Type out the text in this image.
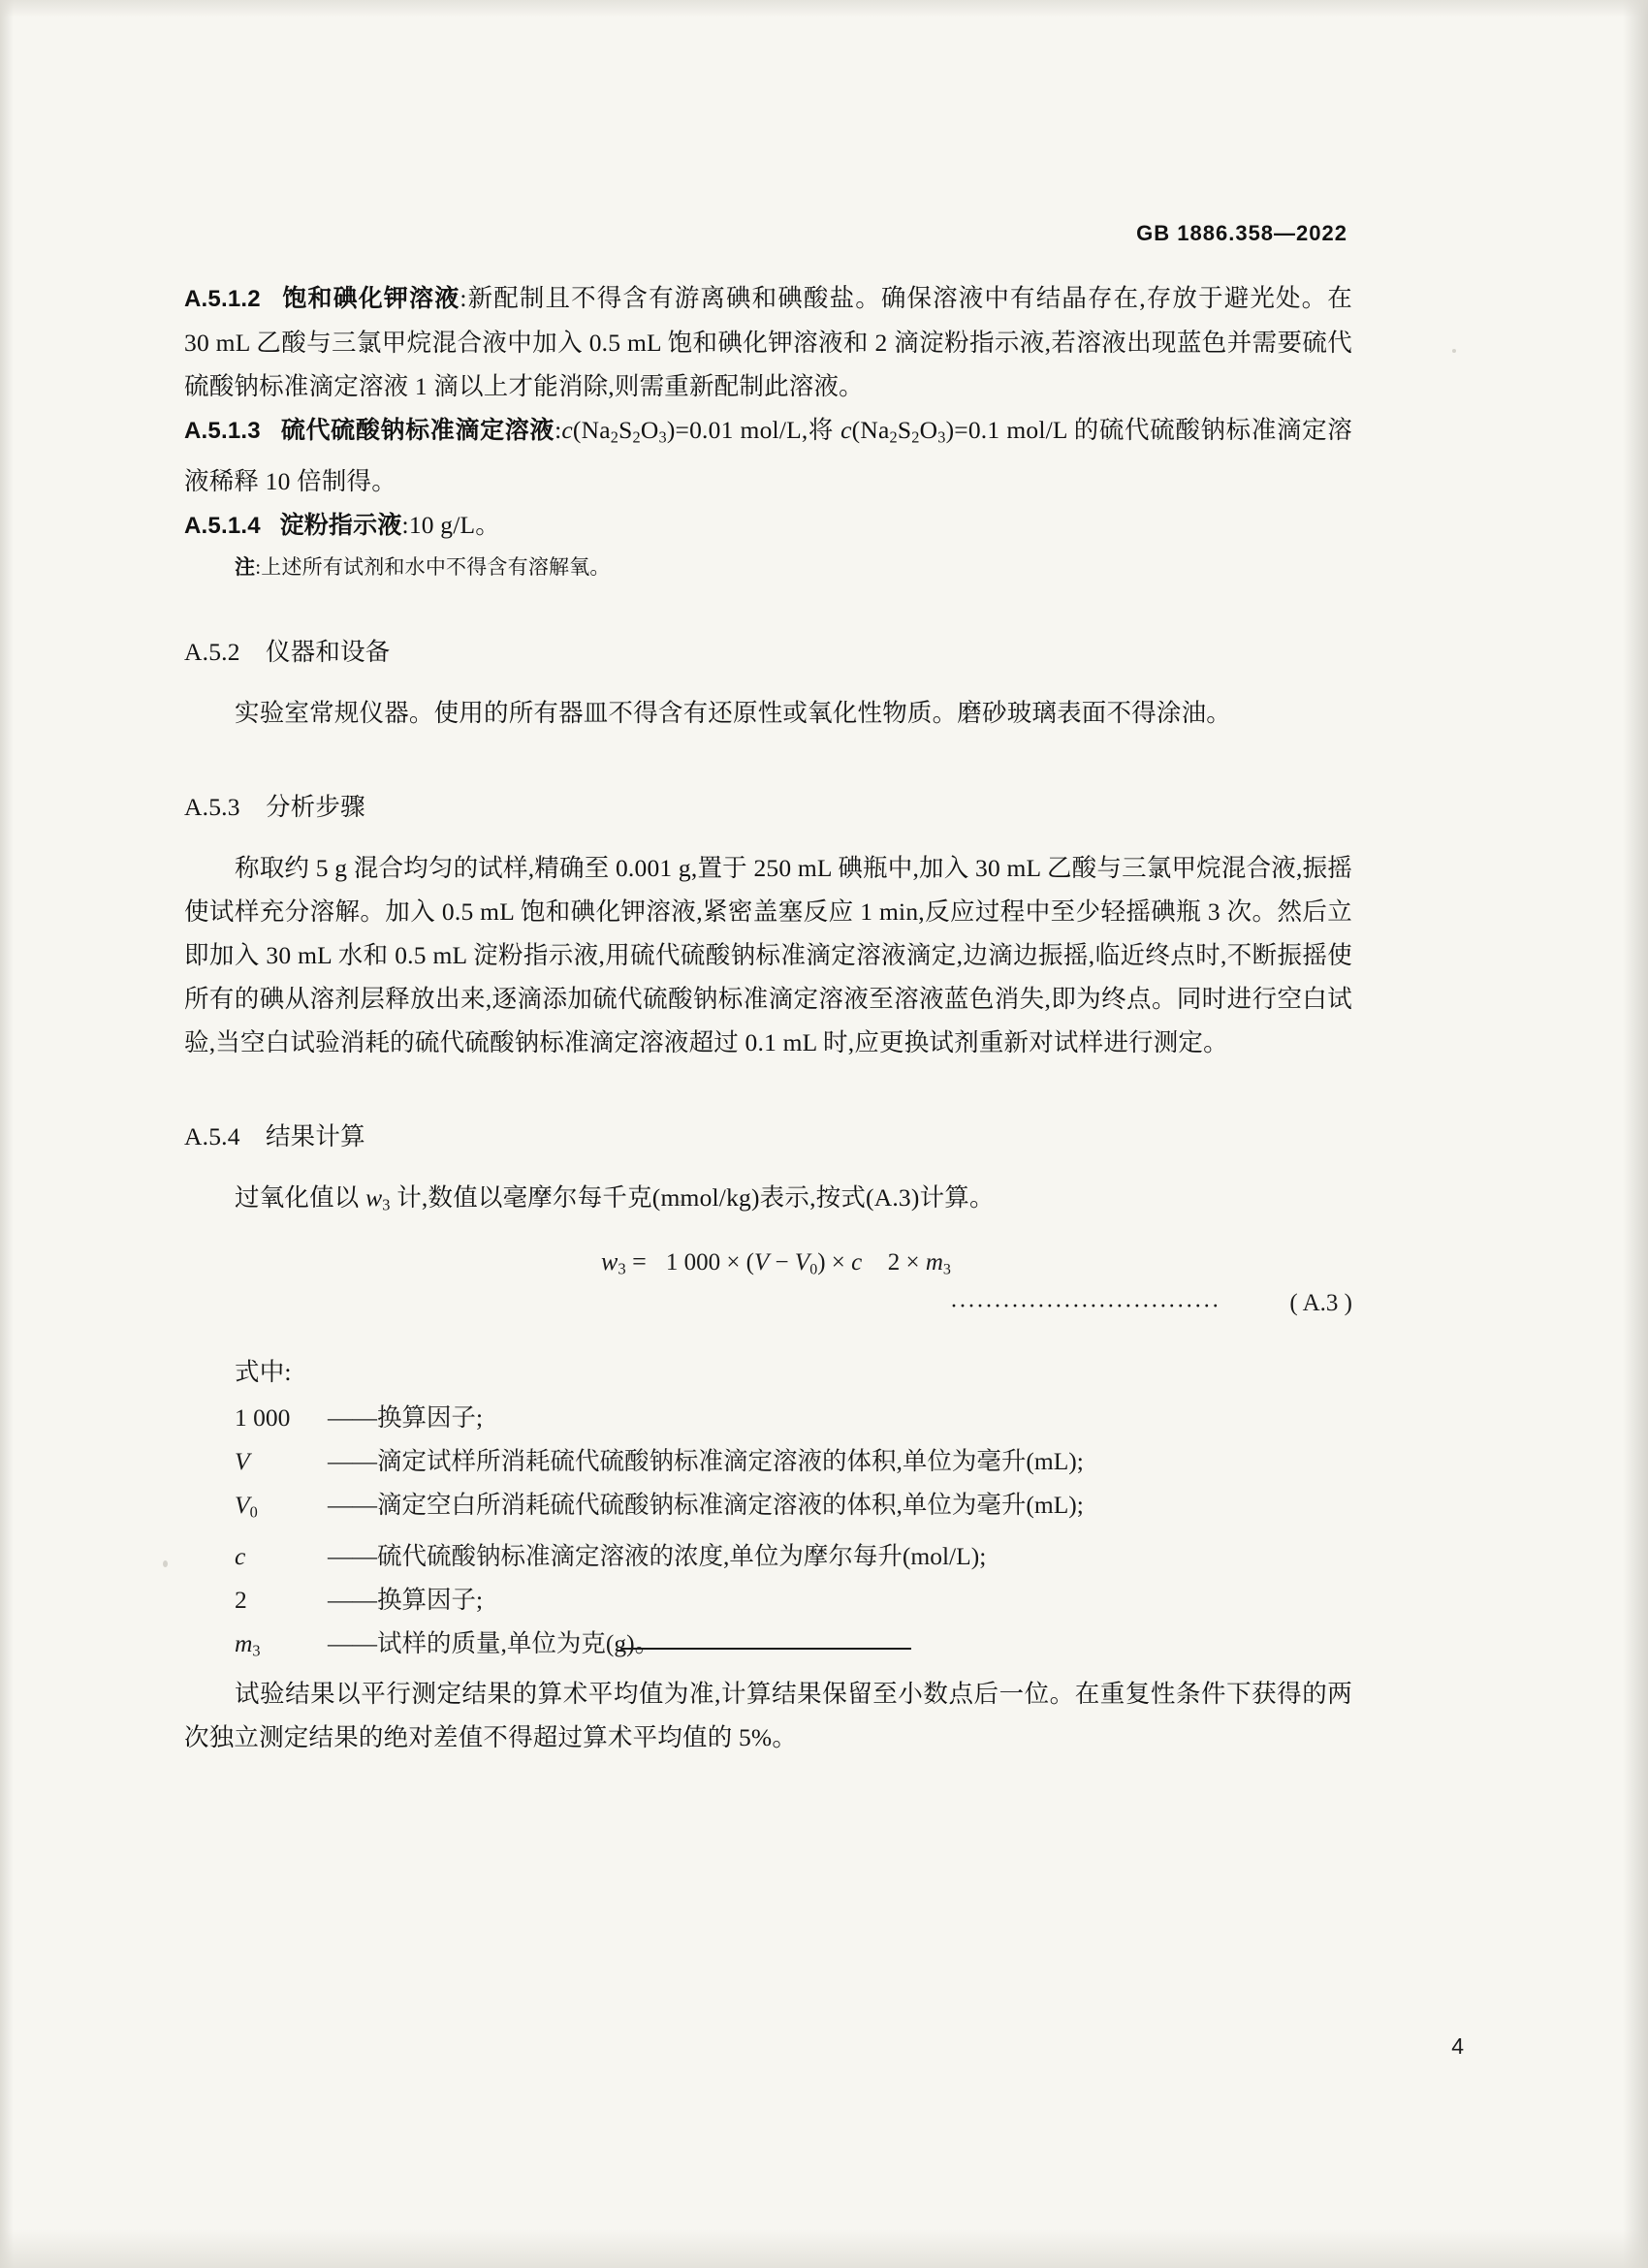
GB 1886.358—2022

A.5.1.2 饱和碘化钾溶液:新配制且不得含有游离碘和碘酸盐。确保溶液中有结晶存在,存放于避光处。在 30 mL 乙酸与三氯甲烷混合液中加入 0.5 mL 饱和碘化钾溶液和 2 滴淀粉指示液,若溶液出现蓝色并需要硫代硫酸钠标准滴定溶液 1 滴以上才能消除,则需重新配制此溶液。

A.5.1.3 硫代硫酸钠标准滴定溶液$:c(Na_2S_2O_3)=0.01$ mol/L,将 $c(Na_2S_2O_3)=0.1$ mol/L 的硫代硫酸钠标准滴定溶液稀释 10 倍制得。

A.5.1.4 淀粉指示液:10 g/L。

注:上述所有试剂和水中不得含有溶解氧。

A.5.2 仪器和设备

实验室常规仪器。使用的所有器皿不得含有还原性或氧化性物质。磨砂玻璃表面不得涂油。

A.5.3 分析步骤

称取约 5 g 混合均匀的试样,精确至 0.001 g,置于 250 mL 碘瓶中,加入 30 mL 乙酸与三氯甲烷混合液,振摇使试样充分溶解。加入 0.5 mL 饱和碘化钾溶液,紧密盖塞反应 1 min,反应过程中至少轻摇碘瓶 3 次。然后立即加入 30 mL 水和 0.5 mL 淀粉指示液,用硫代硫酸钠标准滴定溶液滴定,边滴边振摇,临近终点时,不断振摇使所有的碘从溶剂层释放出来,逐滴添加硫代硫酸钠标准滴定溶液至溶液蓝色消失,即为终点。同时进行空白试验,当空白试验消耗的硫代硫酸钠标准滴定溶液超过 0.1 mL 时,应更换试剂重新对试样进行测定。

A.5.4 结果计算

过氧化值以 $w_3$ 计,数值以毫摩尔每千克(mmol/kg)表示,按式(A.3)计算。

$w_3 = 1$ $000 \times (V - V_0) \times c$ $2 \times m_3$
·······························	( A.3 )

式中:

1 000	—— 换算因子;
V	—— 滴定试样所消耗硫代硫酸钠标准滴定溶液的体积,单位为毫升(mL);
$V_0$	—— 滴定空白所消耗硫代硫酸钠标准滴定溶液的体积,单位为毫升(mL);
c	—— 硫代硫酸钠标准滴定溶液的浓度,单位为摩尔每升(mol/L);
2	—— 换算因子;
$m_3$	—— 试样的质量,单位为克(g)。

试验结果以平行测定结果的算术平均值为准,计算结果保留至小数点后一位。在重复性条件下获得的两次独立测定结果的绝对差值不得超过算术平均值的 5%。

4
